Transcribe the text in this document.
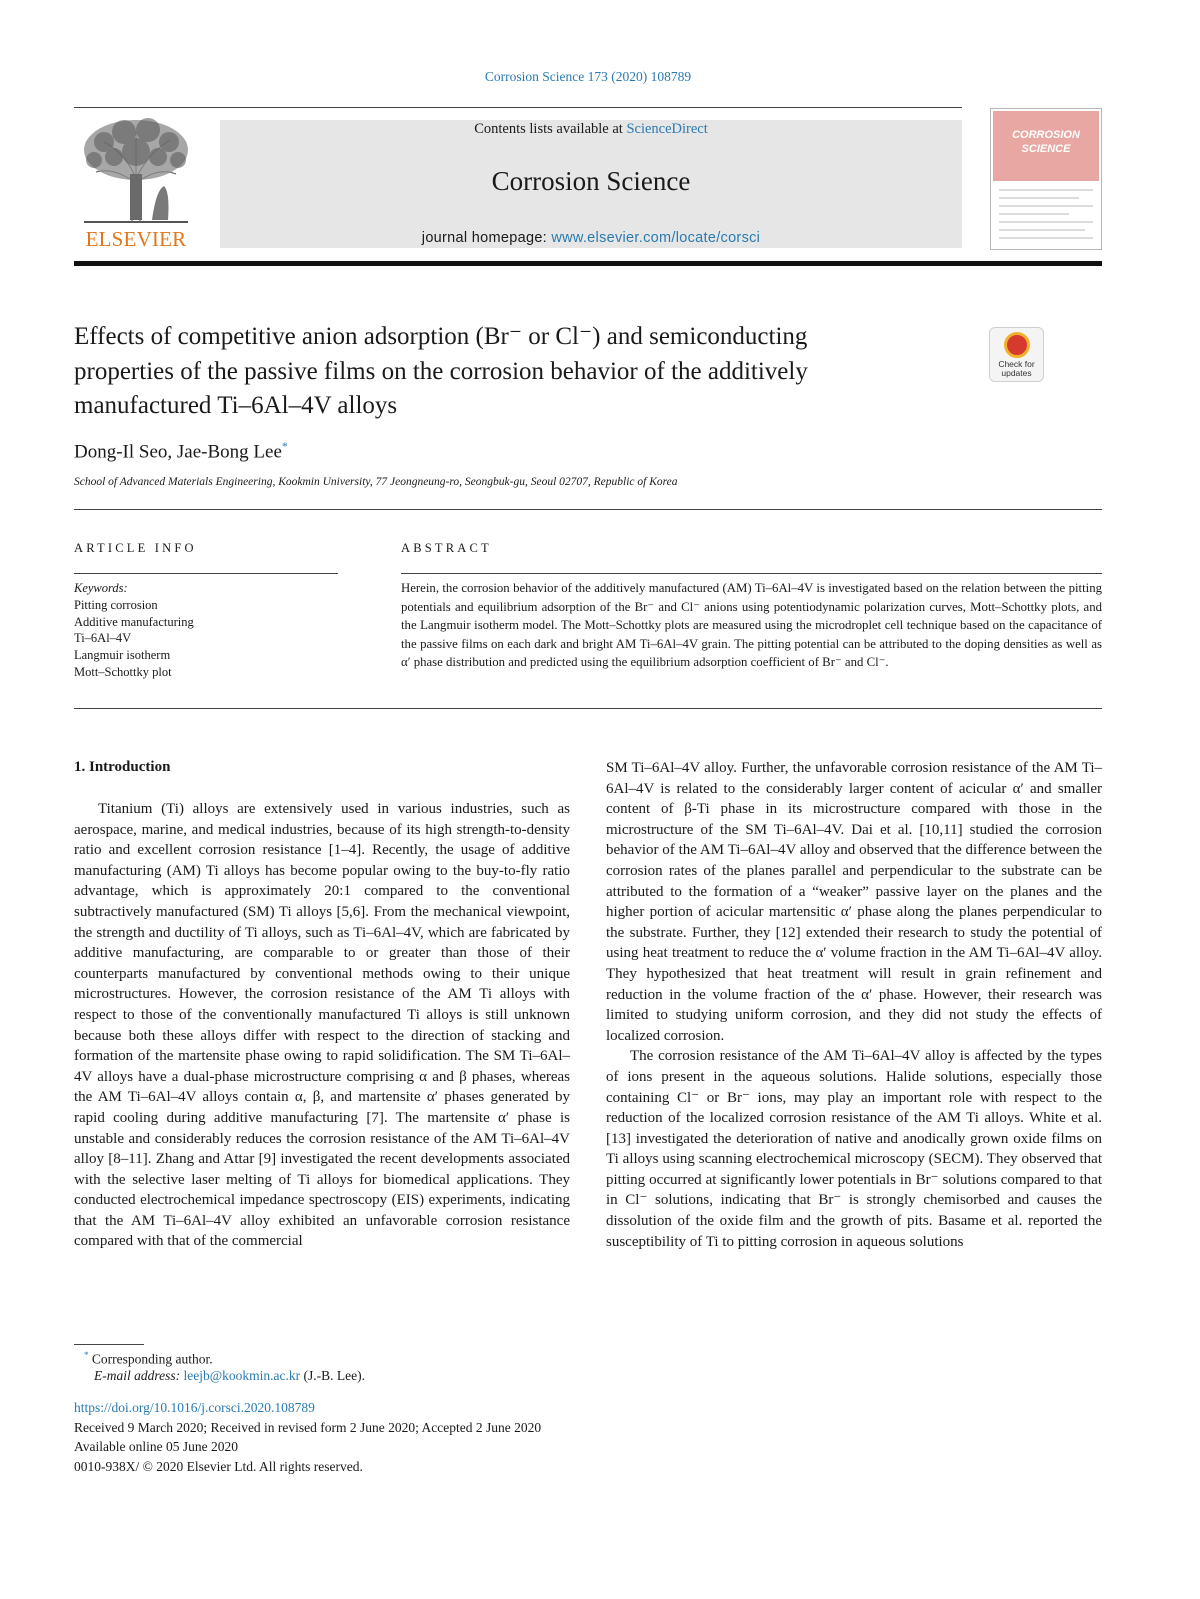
Corrosion Science 173 (2020) 108789
ELSEVIER
Contents lists available at ScienceDirect
Corrosion Science
journal homepage: www.elsevier.com/locate/corsci
CORROSION
SCIENCE
Effects of competitive anion adsorption (Br⁻ or Cl⁻) and semiconducting
properties of the passive films on the corrosion behavior of the additively
manufactured Ti–6Al–4V alloys
Check for
updates
Dong-Il Seo, Jae-Bong Lee*
School of Advanced Materials Engineering, Kookmin University, 77 Jeongneung-ro, Seongbuk-gu, Seoul 02707, Republic of Korea
ARTICLE INFO
Keywords:
Pitting corrosion
Additive manufacturing
Ti–6Al–4V
Langmuir isotherm
Mott–Schottky plot
ABSTRACT
Herein, the corrosion behavior of the additively manufactured (AM) Ti–6Al–4V is investigated based on the relation between the pitting potentials and equilibrium adsorption of the Br⁻ and Cl⁻ anions using potentiodynamic polarization curves, Mott–Schottky plots, and the Langmuir isotherm model. The Mott–Schottky plots are measured using the microdroplet cell technique based on the capacitance of the passive films on each dark and bright AM Ti–6Al–4V grain. The pitting potential can be attributed to the doping densities as well as α′ phase distribution and predicted using the equilibrium adsorption coefficient of Br⁻ and Cl⁻.
1. Introduction

Titanium (Ti) alloys are extensively used in various industries, such as aerospace, marine, and medical industries, because of its high strength-to-density ratio and excellent corrosion resistance [1–4]. Recently, the usage of additive manufacturing (AM) Ti alloys has become popular owing to the buy-to-fly ratio advantage, which is approximately 20:1 compared to the conventional subtractively manufactured (SM) Ti alloys [5,6]. From the mechanical viewpoint, the strength and ductility of Ti alloys, such as Ti–6Al–4V, which are fabricated by additive manufacturing, are comparable to or greater than those of their counterparts manufactured by conventional methods owing to their unique microstructures. However, the corrosion resistance of the AM Ti alloys with respect to those of the conventionally manufactured Ti alloys is still unknown because both these alloys differ with respect to the direction of stacking and formation of the martensite phase owing to rapid solidification. The SM Ti–6Al–4V alloys have a dual-phase microstructure comprising α and β phases, whereas the AM Ti–6Al–4V alloys contain α, β, and martensite α′ phases generated by rapid cooling during additive manufacturing [7]. The martensite α′ phase is unstable and considerably reduces the corrosion resistance of the AM Ti–6Al–4V alloy [8–11]. Zhang and Attar [9] investigated the recent developments associated with the selective laser melting of Ti alloys for biomedical applications. They conducted electrochemical impedance spectroscopy (EIS) experiments, indicating that the AM Ti–6Al–4V alloy exhibited an unfavorable corrosion resistance compared with that of the commercial

SM Ti–6Al–4V alloy. Further, the unfavorable corrosion resistance of the AM Ti–6Al–4V is related to the considerably larger content of acicular α′ and smaller content of β-Ti phase in its microstructure compared with those in the microstructure of the SM Ti–6Al–4V. Dai et al. [10,11] studied the corrosion behavior of the AM Ti–6Al–4V alloy and observed that the difference between the corrosion rates of the planes parallel and perpendicular to the substrate can be attributed to the formation of a “weaker” passive layer on the planes and the higher portion of acicular martensitic α′ phase along the planes perpendicular to the substrate. Further, they [12] extended their research to study the potential of using heat treatment to reduce the α′ volume fraction in the AM Ti–6Al–4V alloy. They hypothesized that heat treatment will result in grain refinement and reduction in the volume fraction of the α′ phase. However, their research was limited to studying uniform corrosion, and they did not study the effects of localized corrosion.

The corrosion resistance of the AM Ti–6Al–4V alloy is affected by the types of ions present in the aqueous solutions. Halide solutions, especially those containing Cl⁻ or Br⁻ ions, may play an important role with respect to the reduction of the localized corrosion resistance of the AM Ti alloys. White et al. [13] investigated the deterioration of native and anodically grown oxide films on Ti alloys using scanning electrochemical microscopy (SECM). They observed that pitting occurred at significantly lower potentials in Br⁻ solutions compared to that in Cl⁻ solutions, indicating that Br⁻ is strongly chemisorbed and causes the dissolution of the oxide film and the growth of pits. Basame et al. reported the susceptibility of Ti to pitting corrosion in aqueous solutions

* Corresponding author.
E-mail address: leejb@kookmin.ac.kr (J.-B. Lee).
https://doi.org/10.1016/j.corsci.2020.108789
Received 9 March 2020; Received in revised form 2 June 2020; Accepted 2 June 2020
Available online 05 June 2020
0010-938X/ © 2020 Elsevier Ltd. All rights reserved.
